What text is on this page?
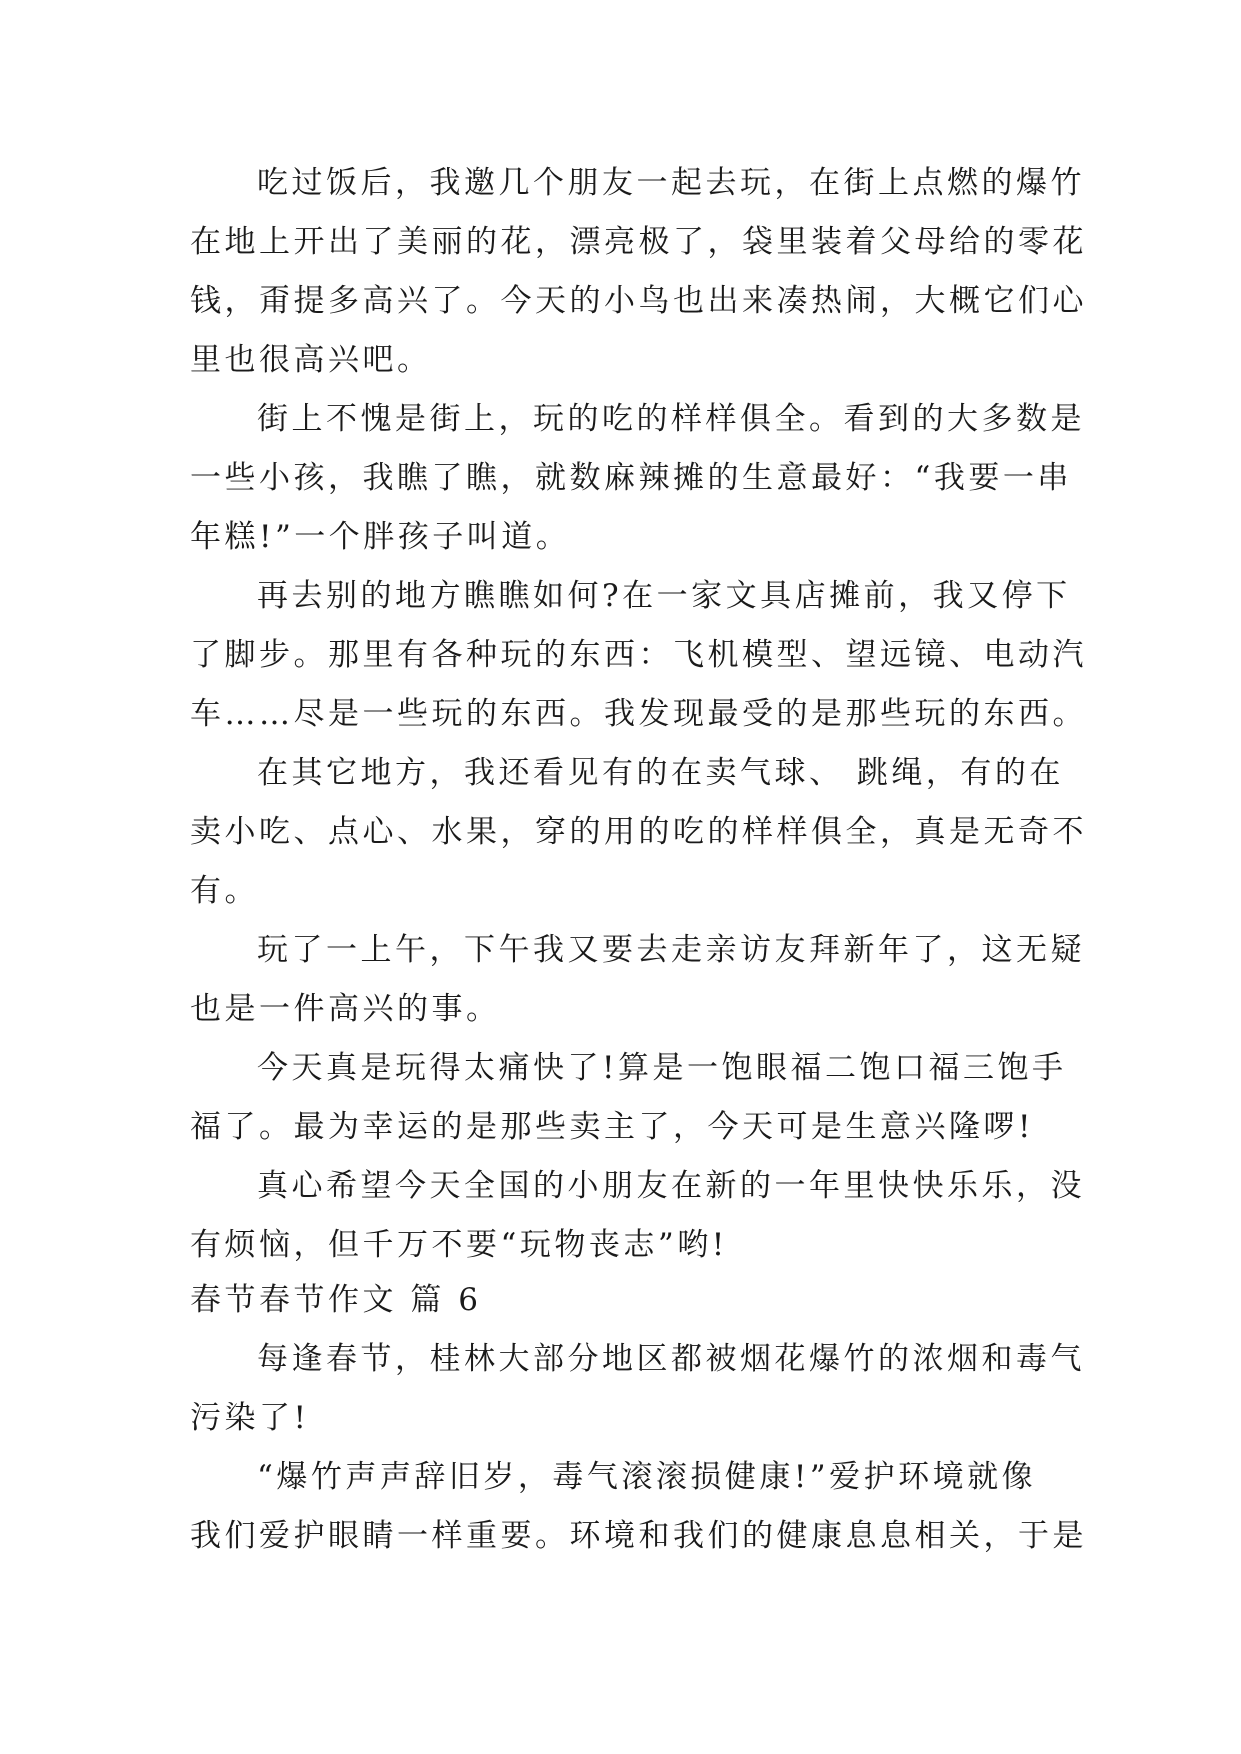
吃过饭后，我邀几个朋友一起去玩，在街上点燃的爆竹
在地上开出了美丽的花，漂亮极了，袋里装着父母给的零花
钱，甭提多高兴了。今天的小鸟也出来凑热闹，大概它们心
里也很高兴吧。
街上不愧是街上，玩的吃的样样俱全。看到的大多数是
一些小孩，我瞧了瞧，就数麻辣摊的生意最好：“我要一串
年糕!”一个胖孩子叫道。
再去别的地方瞧瞧如何?在一家文具店摊前，我又停下
了脚步。那里有各种玩的东西：飞机模型、望远镜、电动汽
车……尽是一些玩的东西。我发现最受的是那些玩的东西。
在其它地方，我还看见有的在卖气球、 跳绳，有的在
卖小吃、点心、水果，穿的用的吃的样样俱全，真是无奇不
有。
玩了一上午，下午我又要去走亲访友拜新年了，这无疑
也是一件高兴的事。
今天真是玩得太痛快了!算是一饱眼福二饱口福三饱手
福了。最为幸运的是那些卖主了，今天可是生意兴隆啰!
真心希望今天全国的小朋友在新的一年里快快乐乐，没
有烦恼，但千万不要“玩物丧志”哟!
春节春节作文 篇 6
每逢春节，桂林大部分地区都被烟花爆竹的浓烟和毒气
污染了!
“爆竹声声辞旧岁，毒气滚滚损健康!”爱护环境就像
我们爱护眼睛一样重要。环境和我们的健康息息相关，于是
